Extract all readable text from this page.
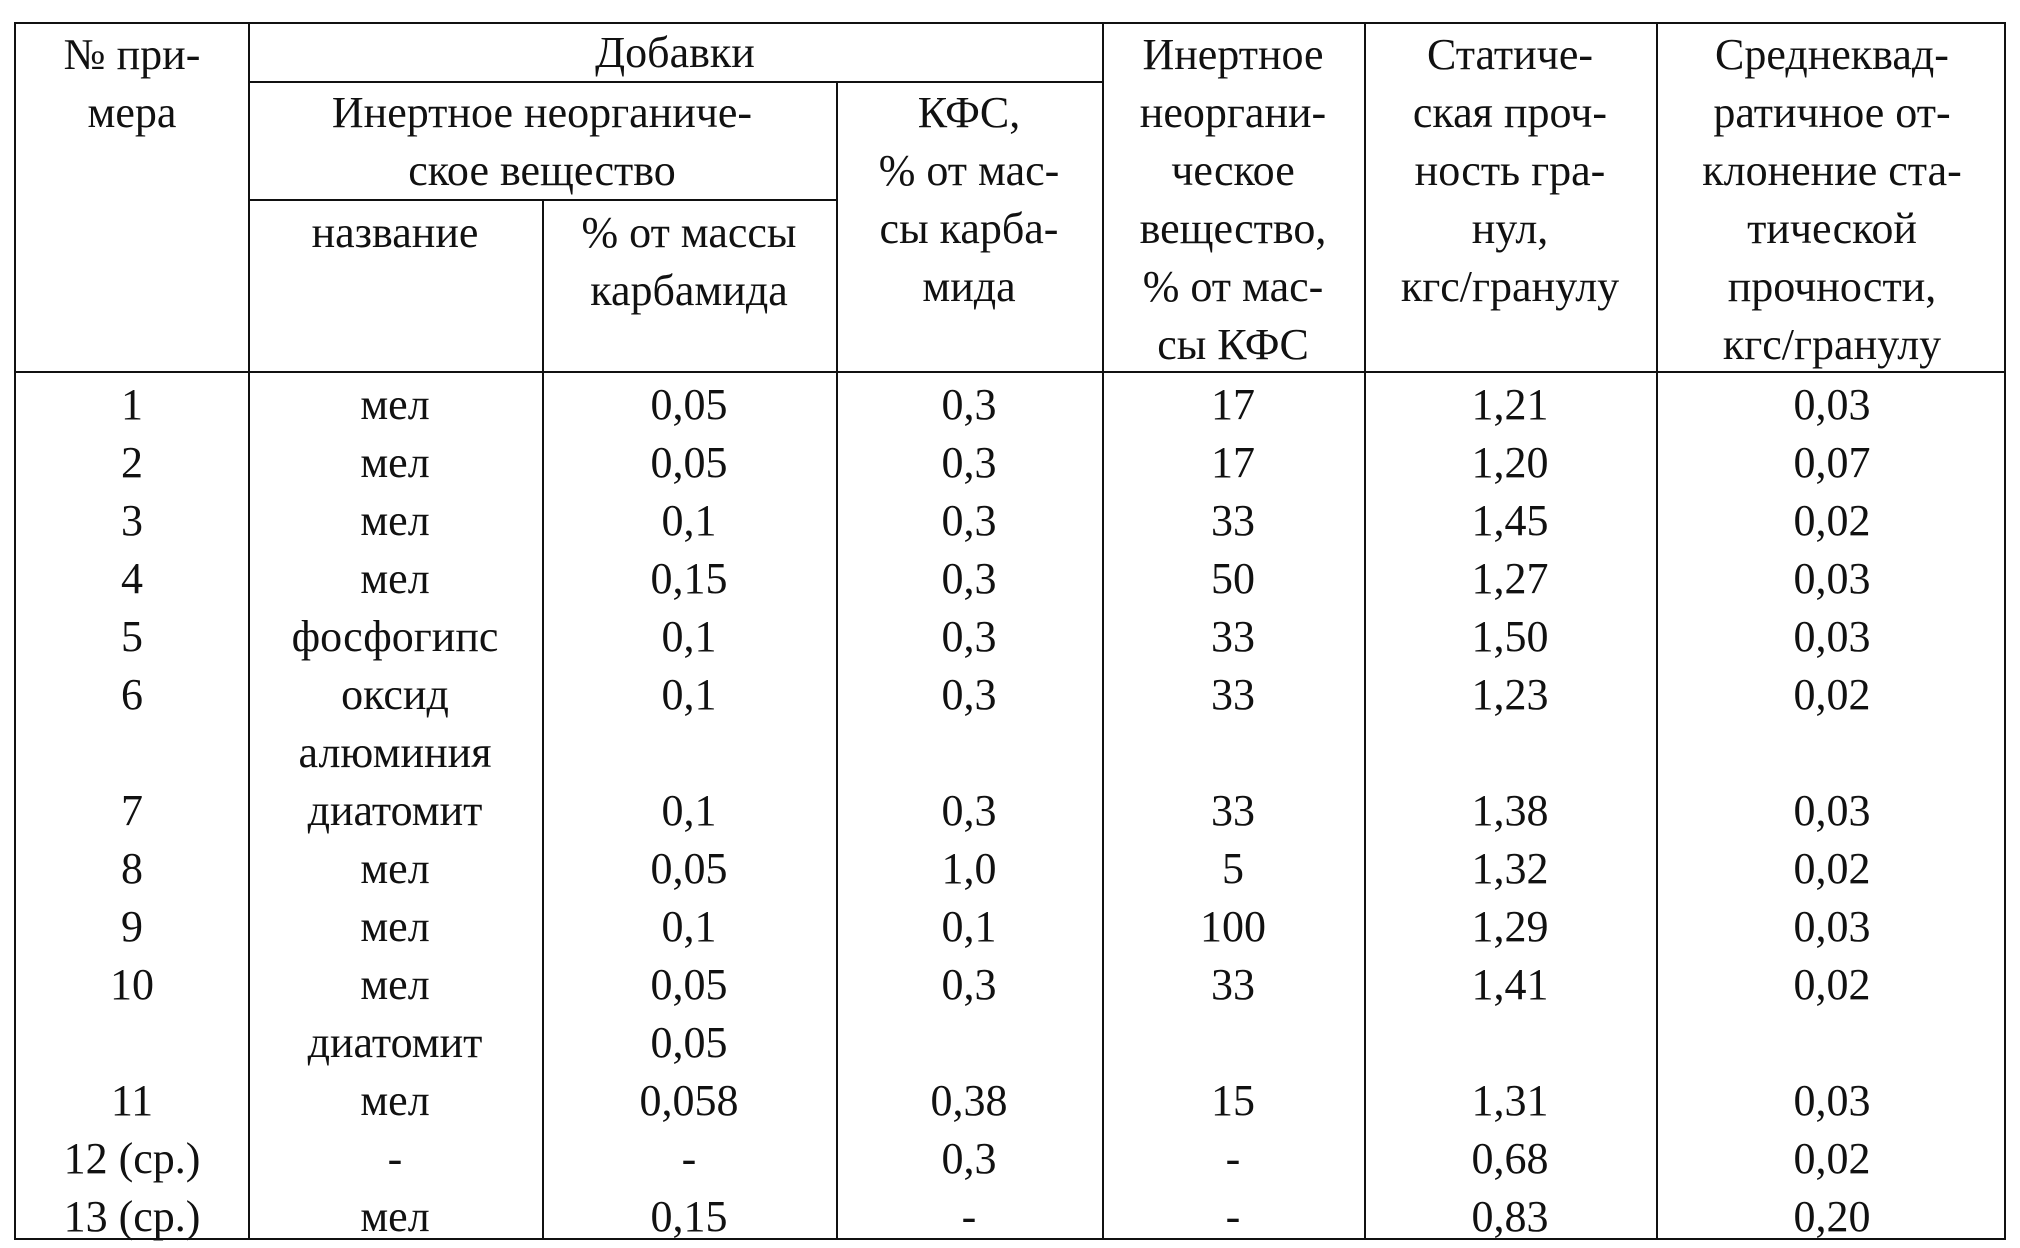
№ при-
мера
Добавки
Инертное неорганиче-
ское вещество
название	% от массы
карбамида
КФС,
% от мас-
сы карба-
мида
Инертное
неоргани-
ческое
вещество,
% от мас-
сы КФС
Статиче-
ская проч-
ность гра-
нул,
кгс/гранулу
Среднеквад-
ратичное от-
клонение ста-
тической
прочности,
кгс/гранулу
1
2
3
4
5
6
7
8
9
10
11
12 (ср.)
13 (ср.)
мел
мел
мел
мел
фосфогипс
оксид
алюминия
диатомит
мел
мел
мел
диатомит
мел
-
мел
0,05
0,05
0,1
0,15
0,1
0,1
0,1
0,05
0,1
0,05
0,05
0,058
-
0,15
0,3
0,3
0,3
0,3
0,3
0,3
0,3
1,0
0,1
0,3
0,38
0,3
-
17
17
33
50
33
33
33
5
100
33
15
-
-
1,21
1,20
1,45
1,27
1,50
1,23
1,38
1,32
1,29
1,41
1,31
0,68
0,83
0,03
0,07
0,02
0,03
0,03
0,02
0,03
0,02
0,03
0,02
0,03
0,02
0,20
